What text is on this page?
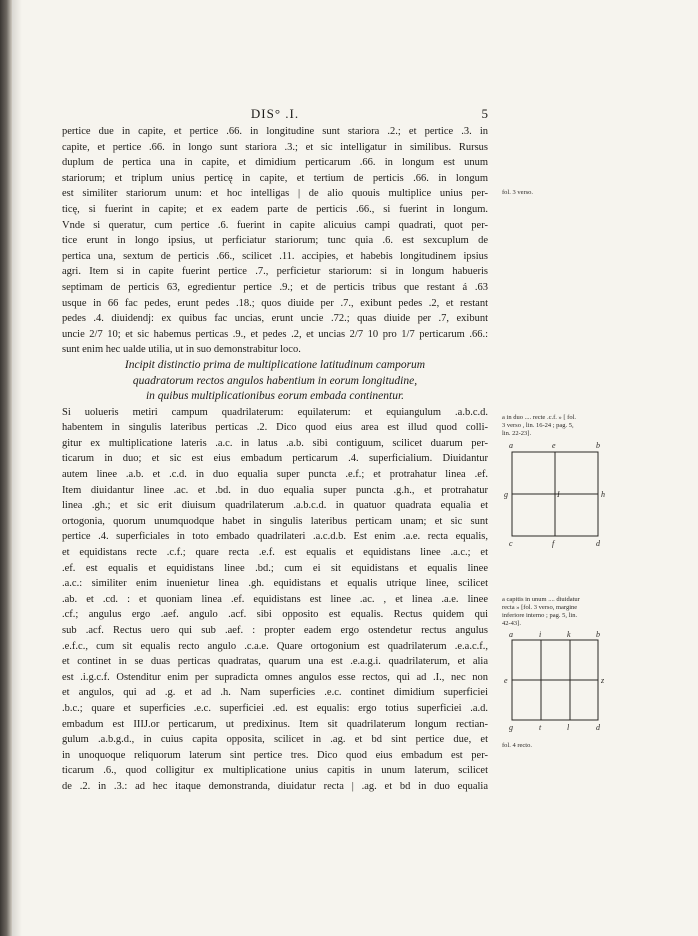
DIS° .I.	5
pertice due in capite, et pertice .66. in longitudine sunt stariora .2.; et pertice .3. in
capite, et pertice .66. in longo sunt stariora .3.; et sic intelligatur in similibus. Rursus
duplum de pertica una in capite, et dimidium perticarum .66. in longum est unum
stariorum; et triplum unius perticę in capite, et tertium de perticis .66. in longum
est similiter stariorum unum: et hoc intelligas | de alio quouis multiplice unius per-
ticę, si fuerint in capite; et ex eadem parte de perticis .66., si fuerint in longum.
Vnde si queratur, cum pertice .6. fuerint in capite alicuius campi quadrati, quot per-
tice erunt in longo ipsius, ut perficiatur stariorum; tunc quia .6. est sexcuplum de
pertica una, sextum de perticis .66., scilicet .11. accipies, et habebis longitudinem ipsius
agri. Item si in capite fuerint pertice .7., perficietur stariorum: si in longum habueris
septimam de perticis 63, egredientur pertice .9.; et de perticis tribus que restant á .63
usque in 66 fac pedes, erunt pedes .18.; quos diuide per .7., exibunt pedes .2, et restant
pedes .4. diuidendj: ex quibus fac uncias, erunt uncie .72.; quas diuide per .7, exibunt
uncie 2/7 10; et sic habemus perticas .9., et pedes .2, et uncias 2/7 10 pro 1/7 perticarum .66.:
sunt enim hec ualde utilia, ut in suo demonstrabitur loco.
Incipit distinctio prima de multiplicatione latitudinum camporum
quadratorum rectos angulos habentium in eorum longitudine,
in quibus multiplicationibus eorum embada continentur.
Si uolueris metiri campum quadrilaterum: equilaterum: et equiangulum .a.b.c.d.
habentem in singulis lateribus perticas .2. Dico quod eius area est illud quod colli-
gitur ex multiplicatione lateris .a.c. in latus .a.b. sibi contiguum, scilicet duarum per-
ticarum in duo; et sic est eius embadum perticarum .4. superficialium. Diuidantur
autem linee .a.b. et .c.d. in duo equalia super puncta .e.f.; et protrahatur linea .ef.
Item diuidantur linee .ac. et .bd. in duo equalia super puncta .g.h., et protrahatur
linea .gh.; et sic erit diuisum quadrilaterum .a.b.c.d. in quatuor quadrata equalia et
ortogonia, quorum unumquodque habet in singulis lateribus perticam unam; et sic sunt
pertice .4. superficiales in toto embado quadrilateri .a.c.d.b. Est enim .a.e. recta equalis,
et equidistans recte .c.f.; quare recta .e.f. est equalis et equidistans linee .a.c.; et
.ef. est equalis et equidistans linee .bd.; cum ei sit equidistans et equalis linee
.a.c.: similiter enim inuenietur linea .gh. equidistans et equalis utrique linee, scilicet
.ab. et .cd. : et quoniam linea .ef. equidistans est linee .ac. , et linea .a.e. linee
.cf.; angulus ergo .aef. angulo .acf. sibi opposito est equalis. Rectus quidem qui
sub .acf. Rectus uero qui sub .aef. : propter eadem ergo ostendetur rectus angulus
.e.f.c., cum sit equalis recto angulo .c.a.e. Quare ortogonium est quadrilaterum .e.a.c.f.,
et continet in se duas perticas quadratas, quarum una est .e.a.g.i. quadrilaterum, et alia
est .i.g.c.f. Ostenditur enim per supradicta omnes angulos esse rectos, qui ad .I., nec non
et angulos, qui ad .g. et ad .h. Nam superficies .e.c. continet dimidium superficiei
.b.c.; quare et superficies .e.c. superficiei .ed. est equalis: ergo totius superficiei .a.d.
embadum est IIIJ.or perticarum, ut predixinus. Item sit quadrilaterum longum rectian-
gulum .a.b.g.d., in cuius capita opposita, scilicet in .ag. et bd sint pertice due, et
in unoquoque reliquorum laterum sint pertice tres. Dico quod eius embadum est per-
ticarum .6., quod colligitur ex multiplicatione unius capitis in unum laterum, scilicet
de .2. in .3.: ad hec itaque demonstranda, diuidatur recta | .ag. et bd in duo equalia
fol. 3 verso.
a in duo .... recte .c.f. » [ fol.
3 verso , lin. 16-24 ; pag. 5,
lin. 22-23].
a	e	b
g	I	h
c	f	d
a capitis in unum .... diuidatur
recta » [fol. 3 verso, margine
inferiore interno ; pag. 5, lin.
42-43].
a	i	k	b
e	z
g	t	l	d
fol. 4 recto.
